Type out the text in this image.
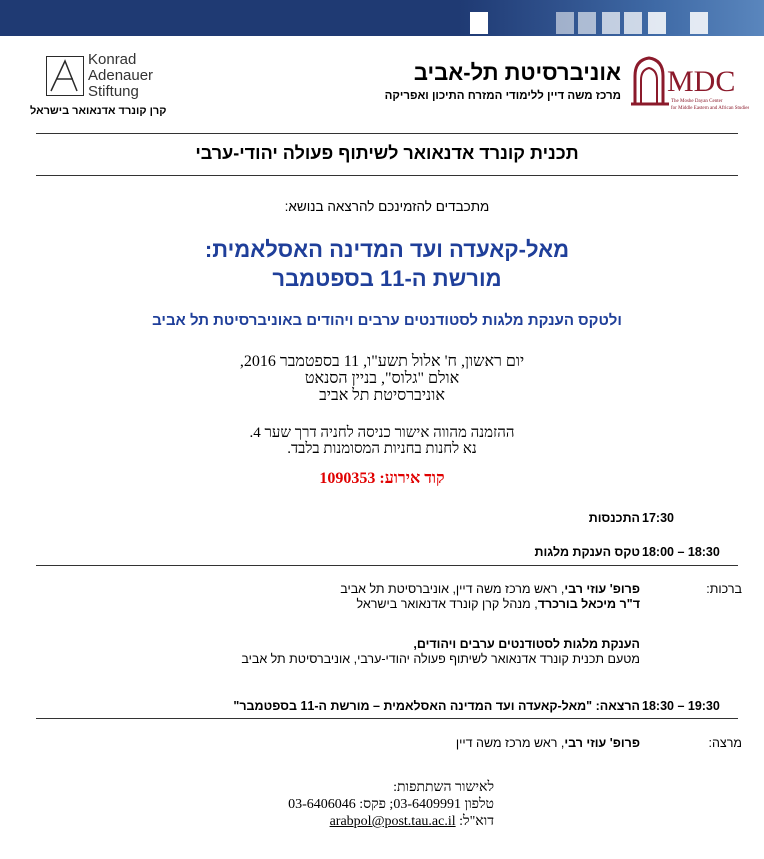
MDC
The Moshe Dayan Center
for Middle Eastern and African Studies
אוניברסיטת תל-אביב
מרכז משה דיין ללימודי המזרח התיכון ואפריקה
Konrad
Adenauer
Stiftung
קרן קונרד אדנאואר בישראל
תכנית קונרד אדנאואר לשיתוף פעולה יהודי-ערבי
מתכבדים להזמינכם להרצאה בנושא:
מאל-קאעדה ועד המדינה האסלאמית:
מורשת ה-11 בספטמבר
ולטקס הענקת מלגות לסטודנטים ערבים ויהודים באוניברסיטת תל אביב
יום ראשון, ח' אלול תשע"ו, 11 בספטמבר 2016,
אולם "גלוס", בניין הסנאט
אוניברסיטת תל אביב
ההזמנה מהווה אישור כניסה לחניה דרך שער 4.
נא לחנות בחניות המסומנות בלבד.
קוד אירוע: 1090353
17:30
התכנסות
18:00 – 18:30
טקס הענקת מלגות
ברכות:
פרופ' עוזי רבי, ראש מרכז משה דיין, אוניברסיטת תל אביב
ד"ר מיכאל בורכרד, מנהל קרן קונרד אדנאואר בישראל
הענקת מלגות לסטודנטים ערבים ויהודים,
מטעם תכנית קונרד אדנאואר לשיתוף פעולה יהודי-ערבי, אוניברסיטת תל אביב
18:30 – 19:30
הרצאה: "מאל-קאעדה ועד המדינה האסלאמית – מורשת ה-11 בספטמבר"
מרצה:
פרופ' עוזי רבי, ראש מרכז משה דיין
לאישור השתתפות:
טלפון 03-6409991; פקס: 03-6406046
דוא"ל: arabpol@post.tau.ac.il
